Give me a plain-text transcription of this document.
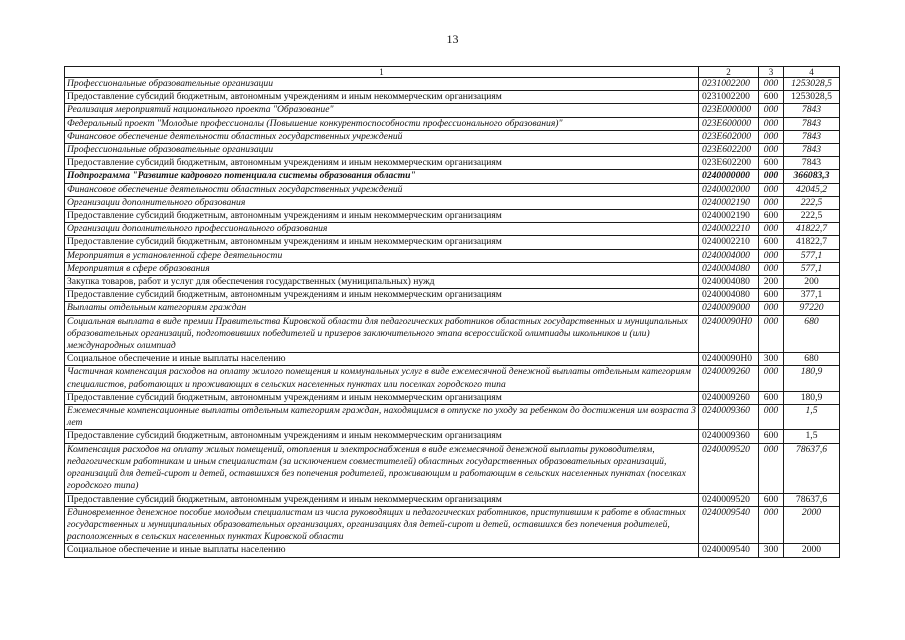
13
1	2	3	4
Профессиональные образовательные организации	0231002200	000	1253028,5
Предоставление субсидий бюджетным, автономным учреждениям и иным некоммерческим организациям	0231002200	600	1253028,5
Реализация мероприятий национального проекта "Образование"	023E000000	000	7843
Федеральный проект "Молодые профессионалы (Повышение конкурентоспособности профессионального образования)"	023E600000	000	7843
Финансовое обеспечение деятельности областных государственных учреждений	023E602000	000	7843
Профессиональные образовательные организации	023E602200	000	7843
Предоставление субсидий бюджетным, автономным учреждениям и иным некоммерческим организациям	023E602200	600	7843
Подпрограмма "Развитие кадрового потенциала системы образования области"	0240000000	000	366083,3
Финансовое обеспечение деятельности областных государственных учреждений	0240002000	000	42045,2
Организации дополнительного образования	0240002190	000	222,5
Предоставление субсидий бюджетным, автономным учреждениям и иным некоммерческим организациям	0240002190	600	222,5
Организации дополнительного профессионального образования	0240002210	000	41822,7
Предоставление субсидий бюджетным, автономным учреждениям и иным некоммерческим организациям	0240002210	600	41822,7
Мероприятия в установленной сфере деятельности	0240004000	000	577,1
Мероприятия в сфере образования	0240004080	000	577,1
Закупка товаров, работ и услуг для обеспечения государственных (муниципальных) нужд	0240004080	200	200
Предоставление субсидий бюджетным, автономным учреждениям и иным некоммерческим организациям	0240004080	600	377,1
Выплаты отдельным категориям граждан	0240009000	000	97220
Социальная выплата в виде премии Правительства Кировской области для педагогических работников областных государственных и муниципальных образовательных организаций, подготовивших победителей и призеров заключительного этапа всероссийской олимпиады школьников и (или) международных олимпиад	02400090Н0	000	680
Социальное обеспечение и иные выплаты населению	02400090Н0	300	680
Частичная компенсация расходов на оплату жилого помещения и коммунальных услуг в виде ежемесячной денежной выплаты отдельным категориям специалистов, работающих и проживающих в сельских населенных пунктах или поселках городского типа	0240009260	000	180,9
Предоставление субсидий бюджетным, автономным учреждениям и иным некоммерческим организациям	0240009260	600	180,9
Ежемесячные компенсационные выплаты отдельным категориям граждан, находящимся в отпуске по уходу за ребенком до достижения им возраста 3 лет	0240009360	000	1,5
Предоставление субсидий бюджетным, автономным учреждениям и иным некоммерческим организациям	0240009360	600	1,5
Компенсация расходов на оплату жилых помещений, отопления и электроснабжения в виде ежемесячной денежной выплаты руководителям, педагогическим работникам и иным специалистам (за исключением совместителей) областных государственных образовательных организаций, организаций для детей-сирот и детей, оставшихся без попечения родителей, проживающим и работающим в сельских населенных пунктах (поселках городского типа)	0240009520	000	78637,6
Предоставление субсидий бюджетным, автономным учреждениям и иным некоммерческим организациям	0240009520	600	78637,6
Единовременное денежное пособие молодым специалистам из числа руководящих и педагогических работников, приступившим к работе в областных государственных и муниципальных образовательных организациях, организациях для детей-сирот и детей, оставшихся без попечения родителей, расположенных в сельских населенных пунктах Кировской области	0240009540	000	2000
Социальное обеспечение и иные выплаты населению	0240009540	300	2000
